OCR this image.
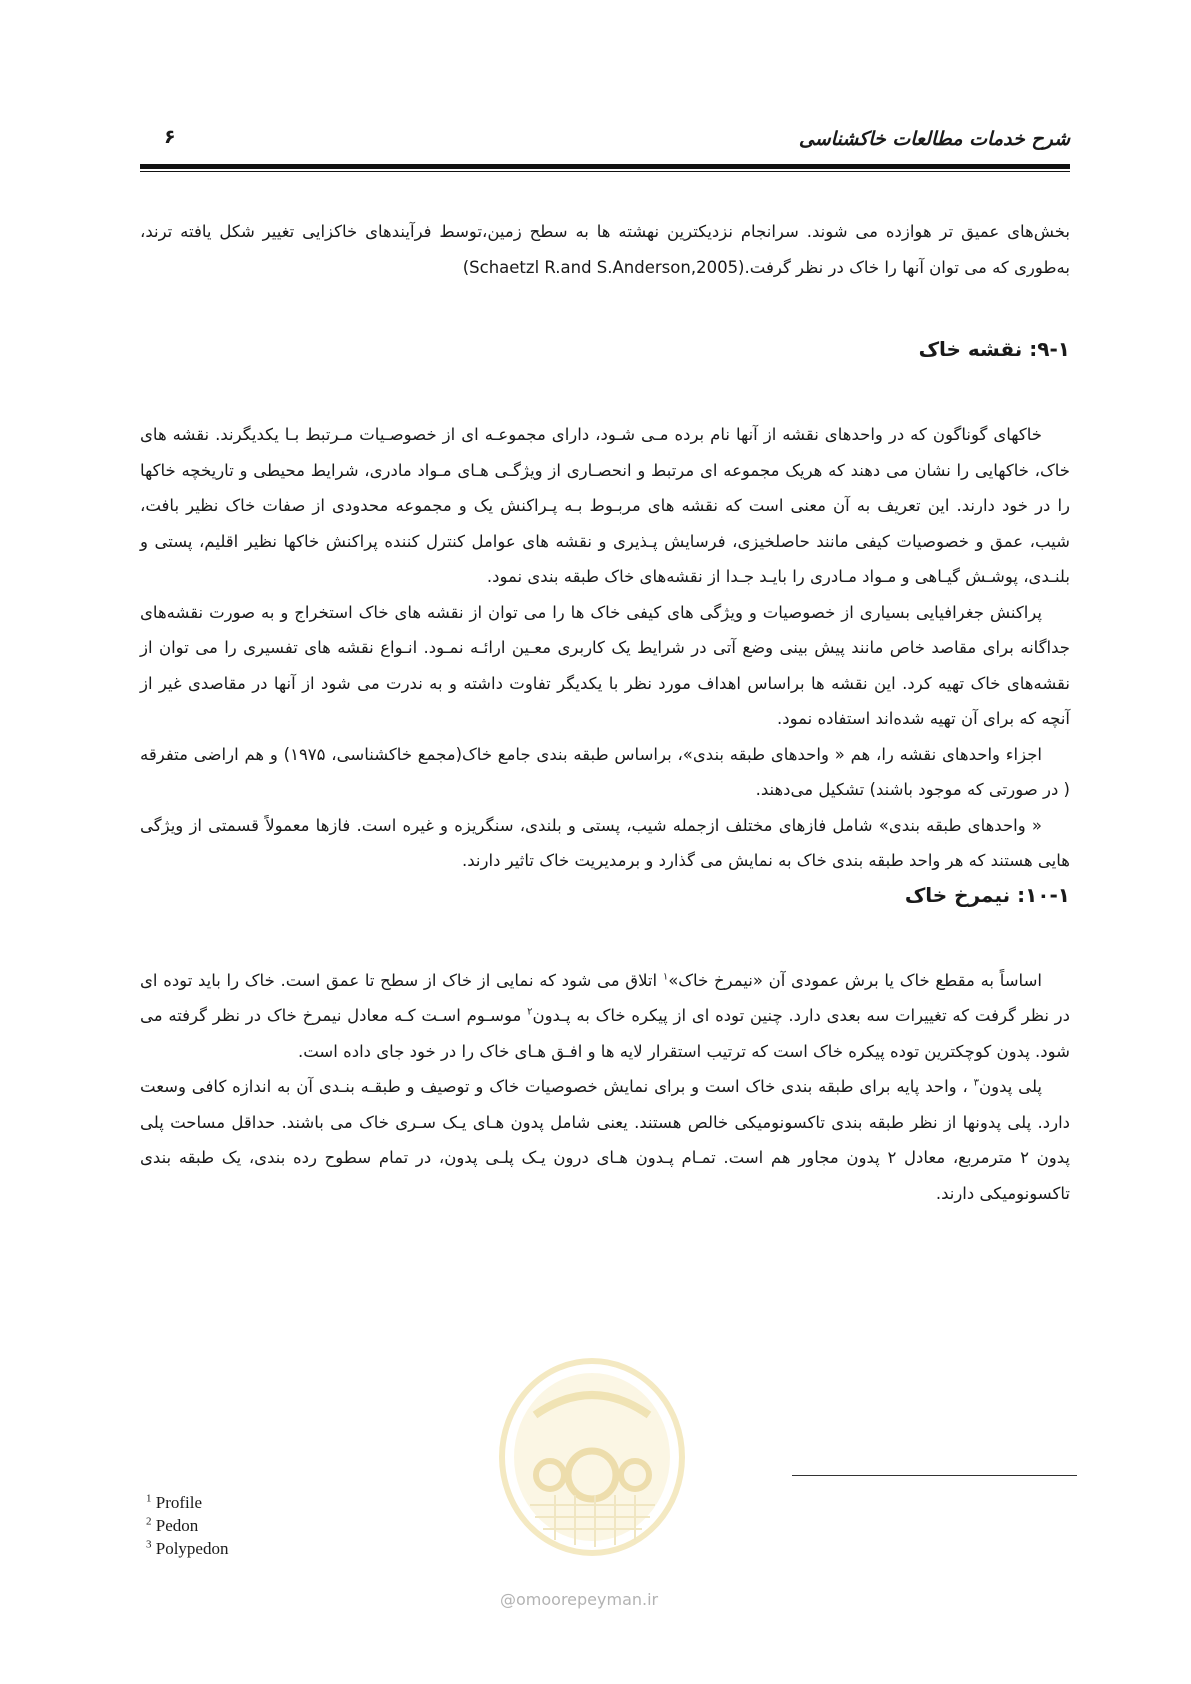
شرح خدمات مطالعات خاکشناسی
۶

بخش‌های عمیق تر هوازده می شوند. سرانجام نزدیکترین نهشته ها به سطح زمین،توسط فرآیندهای خاکزایی تغییر شکل یافته ترند، به‌طوری که می توان آنها را خاک در نظر گرفت.(Schaetzl R.and S.Anderson,2005)

۹-۱: نقشه خاک

خاکهای گوناگون که در واحدهای نقشه از آنها نام برده مـی شـود، دارای مجموعـه ای از خصوصـیات مـرتبط بـا یکدیگرند. نقشه های خاک، خاکهایی را نشان می دهند که هریک مجموعه ای مرتبط و انحصـاری از ویژگـی هـای مـواد مادری، شرایط محیطی و تاریخچه خاکها را در خود دارند. این تعریف به آن معنی است که نقشه های مربـوط بـه پـراکنش یک و مجموعه محدودی از صفات خاک نظیر بافت، شیب، عمق و خصوصیات کیفی مانند حاصلخیزی، فرسایش پـذیری و نقشه های عوامل کنترل کننده پراکنش خاکها نظیر اقلیم، پستی و بلنـدی، پوشـش گیـاهی و مـواد مـادری را بایـد جـدا از نقشه‌های خاک طبقه بندی نمود.

پراکنش جغرافیایی بسیاری از خصوصیات و ویژگی های کیفی خاک ها را می توان از نقشه های خاک استخراج و به صورت نقشه‌های جداگانه برای مقاصد خاص مانند پیش بینی وضع آتی در شرایط یک کاربری معـین ارائـه نمـود. انـواع نقشه های تفسیری را می توان از نقشه‌های خاک تهیه کرد. این نقشه ها براساس اهداف مورد نظر با یکدیگر تفاوت داشته و به ندرت می شود از آنها در مقاصدی غیر از آنچه که برای آن تهیه شده‌اند استفاده نمود.

اجزاء واحدهای نقشه را، هم « واحدهای طبقه بندی»، براساس طبقه بندی جامع خاک(مجمع خاکشناسی، ۱۹۷۵) و هم اراضی متفرقه ( در صورتی که موجود باشند) تشکیل می‌دهند.

« واحدهای طبقه بندی» شامل فازهای مختلف ازجمله شیب، پستی و بلندی، سنگریزه و غیره است. فازها معمولاً قسمتی از ویژگی هایی هستند که هر واحد طبقه بندی خاک به نمایش می گذارد و برمدیریت خاک تاثیر دارند.

۱۰-۱: نیمرخ خاک

اساساً به مقطع خاک یا برش عمودی آن «نیمرخ خاک»$^۱$ اتلاق می شود که نمایی از خاک از سطح تا عمق است. خاک را باید توده ای در نظر گرفت که تغییرات سه بعدی دارد. چنین توده ای از پیکره خاک به پـدون$^۲$ موسـوم اسـت کـه معادل نیمرخ خاک در نظر گرفته می شود. پدون کوچکترین توده پیکره خاک است که ترتیب استقرار لایه ها و افـق هـای خاک را در خود جای داده است.

پلی پدون$^۳$ ، واحد پایه برای طبقه بندی خاک است و برای نمایش خصوصیات خاک و توصیف و طبقـه بنـدی آن به اندازه کافی وسعت دارد. پلی پدونها از نظر طبقه بندی تاکسونومیکی خالص هستند. یعنی شامل پدون هـای یـک سـری خاک می باشند. حداقل مساحت پلی پدون ۲ مترمربع، معادل ۲ پدون مجاور هم است. تمـام پـدون هـای درون یـک پلـی پدون، در تمام سطوح رده بندی، یک طبقه بندی تاکسونومیکی دارند.

$^1$ Profile
$^2$ Pedon
$^3$ Polypedon
@omoorepeyman.ir
